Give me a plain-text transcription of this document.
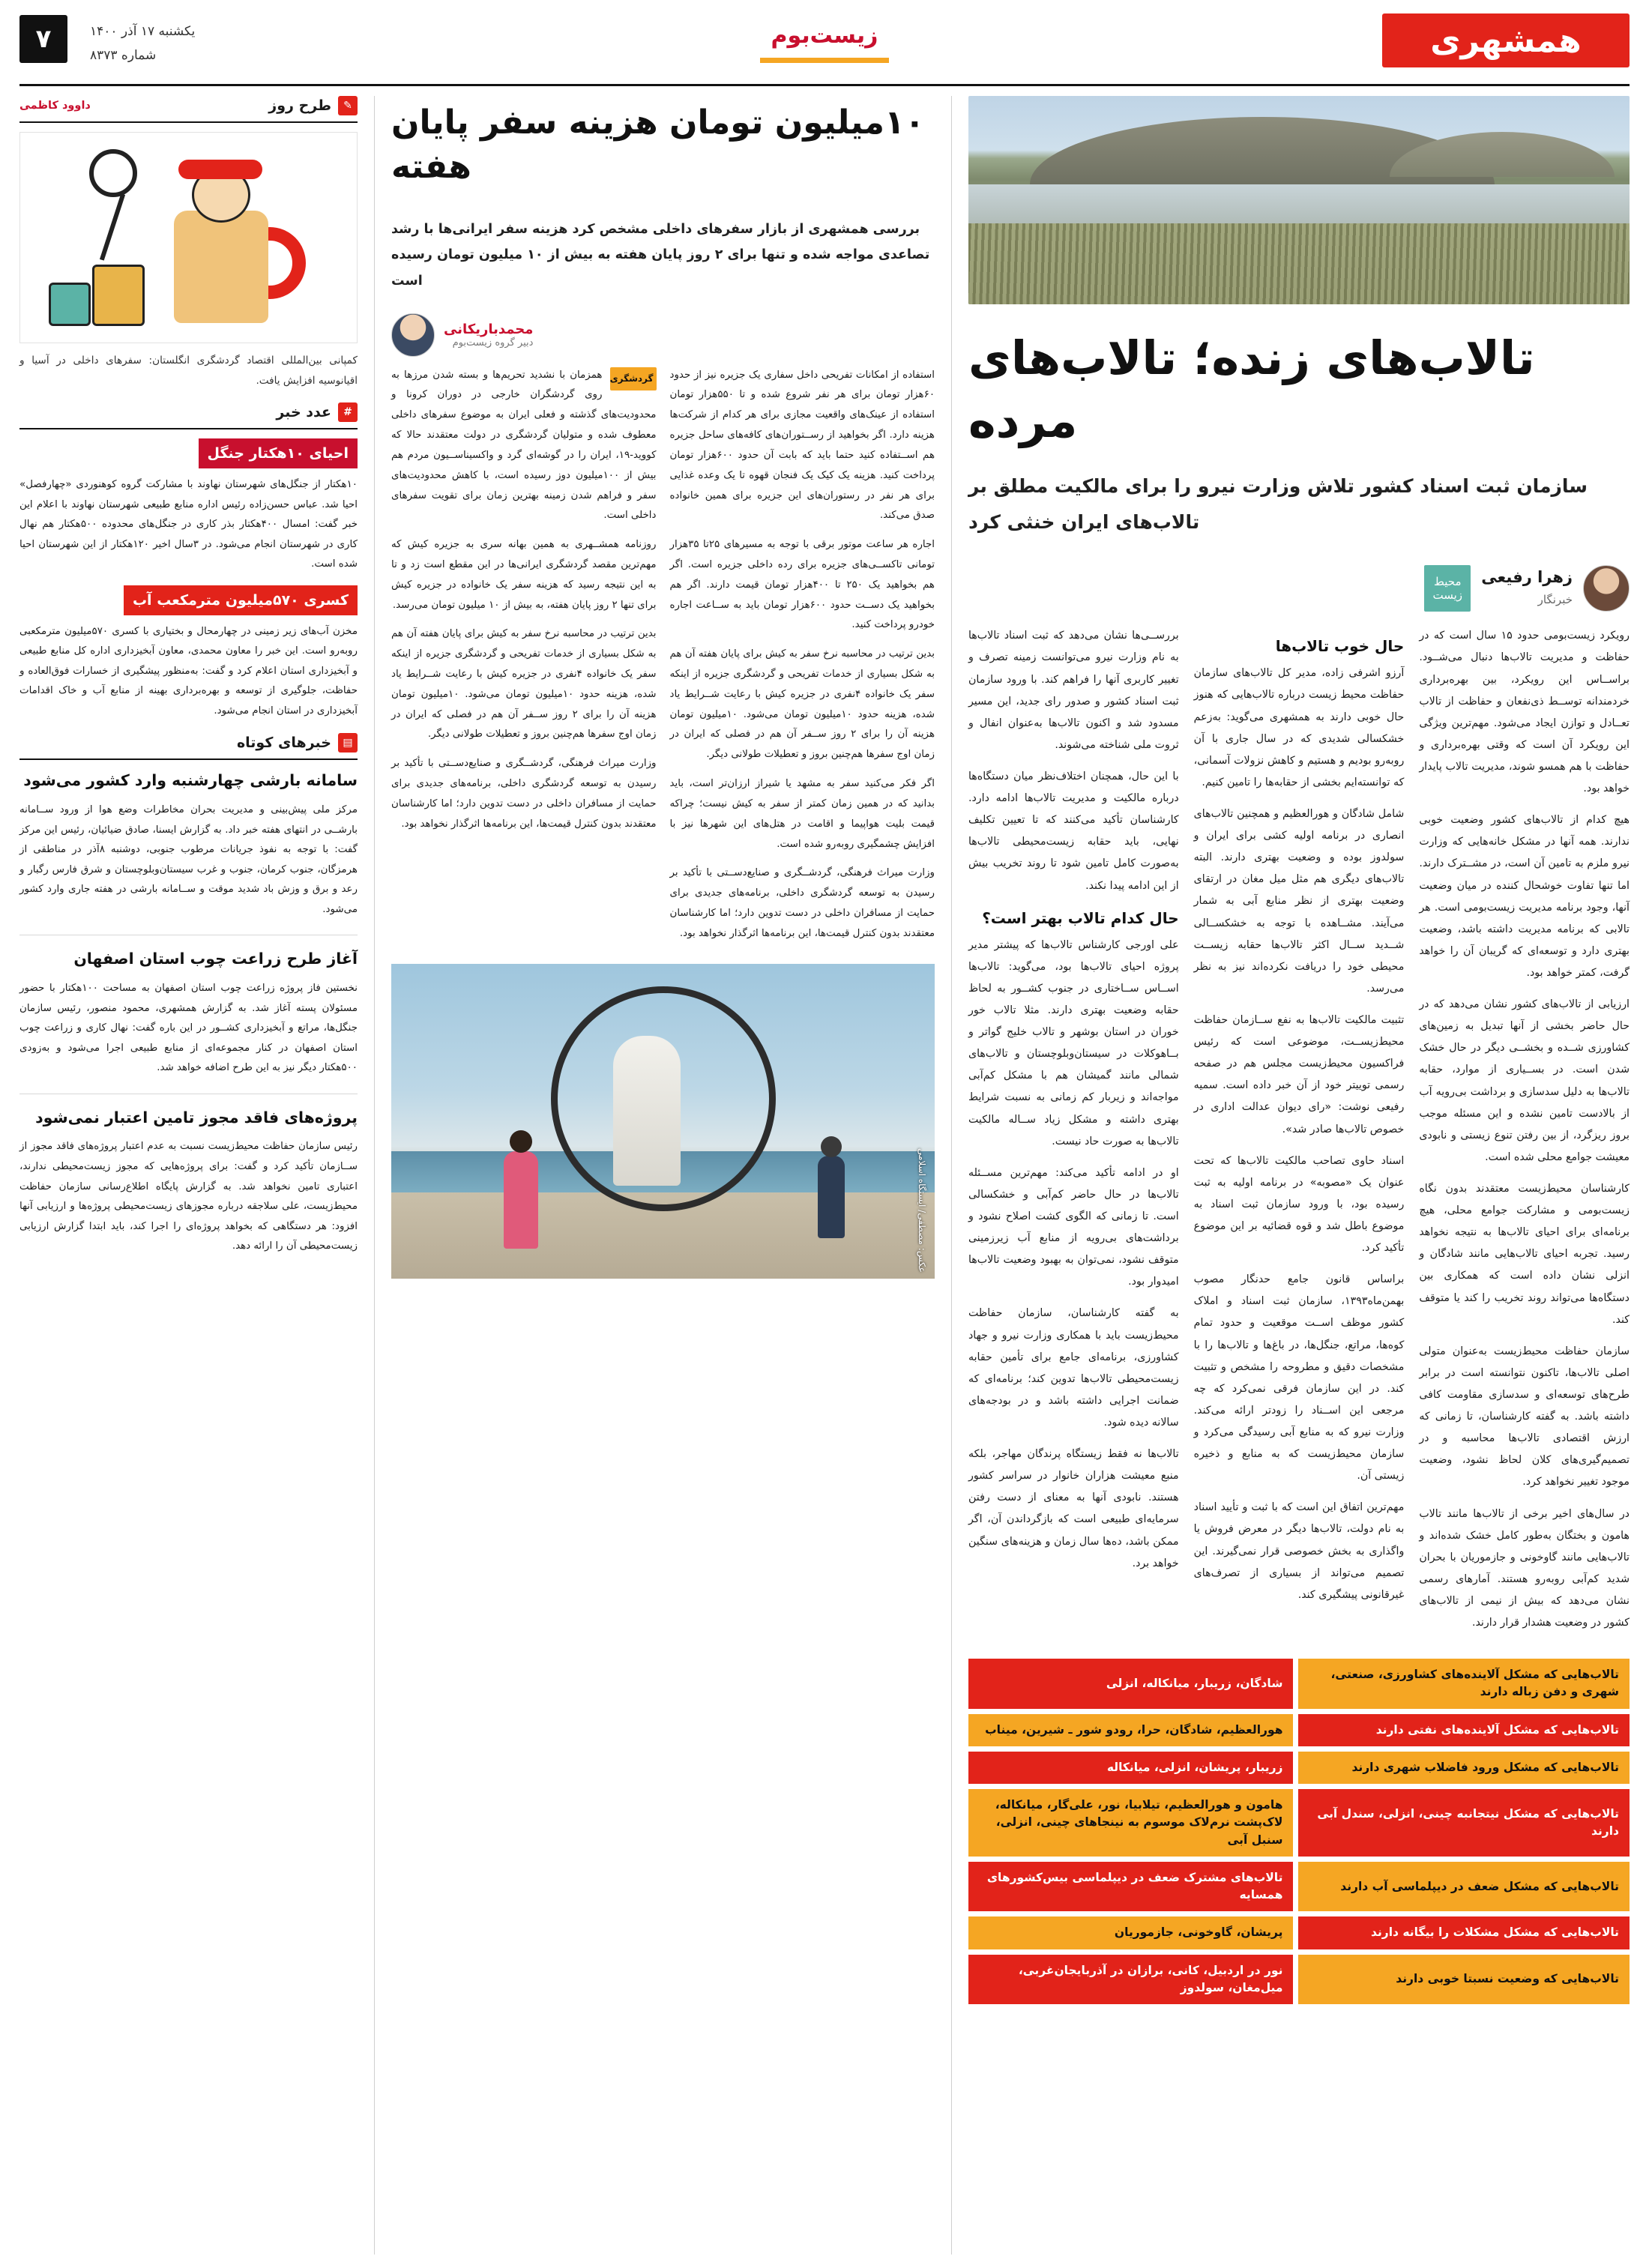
همشهری
زیست‌بوم
یکشنبه ۱۷ آذر ۱۴۰۰
شماره ۸۳۷۳
۷
تالاب‌های زنده؛ تالاب‌های مرده
سازمان ثبت اسناد کشور تلاش وزارت نیرو را برای مالکیت مطلق بر تالاب‌های ایران خنثی کرد
زهرا رفیعی
خبرنگار
محیط
زیست

رویکرد زیست‌بومی حدود ۱۵ سال است که در حفاظت و مدیریت تالاب‌ها دنبال می‌شــود. براســاس این رویکرد، بین بهره‌برداری خردمندانه توســط ذی‌نفعان و حفاظت از تالاب تعــادل و توازن ایجاد می‌شود. مهم‌ترین ویژگی این رویکرد آن است که وقتی بهره‌برداری و حفاظت با هم همسو شوند، مدیریت تالاب پایدار خواهد بود.

هیچ کدام از تالاب‌های کشور وضعیت خوبی ندارند. همه آنها در مشکل خانه‌هایی که وزارت نیرو ملزم به تامین آن است، در مشــترک دارند. اما تنها تفاوت خوشحال کننده در میان وضعیت آنها، وجود برنامه مدیریت زیست‌بومی است. هر تالابی که برنامه مدیریت داشته باشد، وضعیت بهتری دارد و توسعه‌ای که گریبان آن را خواهد گرفت، کمتر خواهد بود.

ارزیابی از تالاب‌های کشور نشان می‌دهد که در حال حاضر بخشی از آنها تبدیل به زمین‌های کشاورزی شــده و بخشــی دیگر در حال خشک شدن است. در بســیاری از موارد، حقابه تالاب‌ها به دلیل سدسازی و برداشت بی‌رویه آب از بالادست تامین نشده و این مسئله موجب بروز ریزگرد، از بین رفتن تنوع زیستی و نابودی معیشت جوامع محلی شده است.

کارشناسان محیط‌زیست معتقدند بدون نگاه زیست‌بومی و مشارکت جوامع محلی، هیچ برنامه‌ای برای احیای تالاب‌ها به نتیجه نخواهد رسید. تجربه احیای تالاب‌هایی مانند شادگان و انزلی نشان داده است که همکاری بین دستگاه‌ها می‌تواند روند تخریب را کند یا متوقف کند.

سازمان حفاظت محیط‌زیست به‌عنوان متولی اصلی تالاب‌ها، تاکنون نتوانسته است در برابر طرح‌های توسعه‌ای و سدسازی مقاومت کافی داشته باشد. به گفته کارشناسان، تا زمانی که ارزش اقتصادی تالاب‌ها محاسبه و در تصمیم‌گیری‌های کلان لحاظ نشود، وضعیت موجود تغییر نخواهد کرد.

در سال‌های اخیر برخی از تالاب‌ها مانند تالاب هامون و بختگان به‌طور کامل خشک شده‌اند و تالاب‌هایی مانند گاوخونی و جازموریان با بحران شدید کم‌آبی روبه‌رو هستند. آمارهای رسمی نشان می‌دهد که بیش از نیمی از تالاب‌های کشور در وضعیت هشدار قرار دارند.

حال خوب تالاب‌ها

آرزو اشرفی زاده، مدیر کل تالاب‌های سازمان حفاظت محیط زیست درباره تالاب‌هایی که هنوز حال خوبی دارند به همشهری می‌گوید: به‌زعم خشکسالی شدیدی که در سال جاری با آن روبه‌رو بودیم و هستیم و کاهش نزولات آسمانی، که توانسته‌ایم بخشی از حقابه‌ها را تامین کنیم.

شامل شادگان و هورالعظیم و همچنین تالاب‌های انصاری در برنامه اولیه کشی برای ایران و سولدوز بوده و وضعیت بهتری دارند. البته تالاب‌های دیگری هم مثل میل مغان در ارتقای وضعیت بهتری از نظر منابع آبی به شمار می‌آیند. مشــاهده با توجه به خشکســالی شــدید ســال اکثر تالاب‌ها حقابه زیســت محیطی خود را دریافت نکرده‌اند نیز به نظر می‌رسد.

تثبیت مالکیت تالاب‌ها به نفع ســازمان حفاظت محیط‌زیســت، موضوعی است که رئیس فراکسیون محیط‌زیست مجلس هم در صفحه رسمی توییتر خود از آن خبر داده است. سمیه رفیعی نوشت: «رای دیوان عدالت اداری در خصوص تالاب‌ها صادر شد».

اسناد حاوی تصاحب مالکیت تالاب‌ها که تحت عنوان یک «مصوبه» در برنامه اولیه به ثبت رسیده بود، با ورود سازمان ثبت اسناد به موضوع باطل شد و قوه قضائیه بر این موضوع تأکید کرد.

براساس قانون جامع حدنگار مصوب بهمن‌ماه۱۳۹۳، سازمان ثبت اسناد و املاک کشور موظف اســت موقعیت و حدود تمام کوه‌ها، مراتع، جنگل‌ها، در باغ‌ها و تالاب‌ها را با مشخصات دقیق و مطروحه را مشخص و تثبیت کند. در این سازمان فرقی نمی‌کرد که چه مرجعی این اســناد را زودتر ارائه می‌کند. وزارت نیرو که به منابع آبی رسیدگی می‌کرد و سازمان محیط‌زیست که به منابع و ذخیره زیستی آن.

مهم‌ترین اتفاق این است که با ثبت و تأیید اسناد به نام دولت، تالاب‌ها دیگر در معرض فروش یا واگذاری به بخش خصوصی قرار نمی‌گیرند. این تصمیم می‌تواند از بسیاری از تصرف‌های غیرقانونی پیشگیری کند.

بررســی‌ها نشان می‌دهد که ثبت اسناد تالاب‌ها به نام وزارت نیرو می‌توانست زمینه تصرف و تغییر کاربری آنها را فراهم کند. با ورود سازمان ثبت اسناد کشور و صدور رای جدید، این مسیر مسدود شد و اکنون تالاب‌ها به‌عنوان انفال و ثروت ملی شناخته می‌شوند.

با این حال، همچنان اختلاف‌نظر میان دستگاه‌ها درباره مالکیت و مدیریت تالاب‌ها ادامه دارد. کارشناسان تأکید می‌کنند که تا تعیین تکلیف نهایی، باید حقابه زیست‌محیطی تالاب‌ها به‌صورت کامل تامین شود تا روند تخریب بیش از این ادامه پیدا نکند.

حال کدام تالاب بهتر است؟

علی اورجی کارشناس تالاب‌ها که پیشتر مدیر پروژه احیای تالاب‌ها بود، می‌گوید: تالاب‌ها اســاس ســاختاری در جنوب کشــور به لحاظ حقابه وضعیت بهتری دارند. مثلا تالاب خور خوران در استان بوشهر و تالاب خلیج گواتر و بــاهوکلات در سیستان‌وبلوچستان و تالاب‌های شمالی مانند گمیشان هم با مشکل کم‌آبی مواجه‌اند و زیربار کم زمانی به نسبت شرایط بهتری داشته و مشکل زیاد ســاله مالکیت تالاب‌ها به صورت حاد نیست.

او در ادامه تأکید می‌کند: مهم‌ترین مســئله تالاب‌ها در حال حاضر کم‌آبی و خشکسالی است. تا زمانی که الگوی کشت اصلاح نشود و برداشت‌های بی‌رویه از منابع آب زیرزمینی متوقف نشود، نمی‌توان به بهبود وضعیت تالاب‌ها امیدوار بود.

به گفته کارشناسان، سازمان حفاظت محیط‌زیست باید با همکاری وزارت نیرو و جهاد کشاورزی، برنامه‌ای جامع برای تأمین حقابه زیست‌محیطی تالاب‌ها تدوین کند؛ برنامه‌ای که ضمانت اجرایی داشته باشد و در بودجه‌های سالانه دیده شود.

تالاب‌ها نه فقط زیستگاه پرندگان مهاجر، بلکه منبع معیشت هزاران خانوار در سراسر کشور هستند. نابودی آنها به معنای از دست رفتن سرمایه‌ای طبیعی است که بازگرداندن آن، اگر ممکن باشد، ده‌ها سال زمان و هزینه‌های سنگین خواهد برد.

تالاب‌هایی که مشکل آلاینده‌های کشاورزی، صنعتی، شهری و دفن زباله دارند
شادگان، زریبار، میانکاله، انزلی
تالاب‌هایی که مشکل آلاینده‌های نفتی دارند
هورالعظیم، شادگان، حرا، رودو شور ـ شیرین، میناب
تالاب‌هایی که مشکل ورود فاضلاب شهری دارند
زریبار، پریشان، انزلی، میانکاله
تالاب‌هایی که مشکل نیتجانبه چینی، انزلی، سندل آبی دارند
هامون و هورالعظیم، تیلابیا، نور، علی‌گار، میانکاله، لاک‌پشت نرم‌لاک موسوم به نینجاهای چینی، انزلی، سنبل آبی
تالاب‌هایی که مشکل ضعف در دیپلماسی آب دارند
تالاب‌های مشترک ضعف در دیپلماسی بیس‌کشورهای همسایه
تالاب‌هایی که مشکل مشکلات را بیگانه دارند
پریشان، گاوخونی، جازموریان
تالاب‌هایی که وضعیت نسبتا خوبی دارند
نور در اردبیل، کانی، برازان در آذربایجان‌غربی، میل‌مغان، سولدوز
۱۰میلیون تومان هزینه سفر پایان هفته
بررسی همشهری از بازار سفرهای داخلی مشخص کرد هزینه سفر ایرانی‌ها با رشد تصاعدی مواجه شده و تنها برای ۲ روز پایان هفته به بیش از ۱۰ میلیون تومان رسیده است
محمدباریکانی
دبیر گروه زیست‌بوم

استفاده از امکانات تفریحی داخل سفاری یک جزیره نیز از حدود ۶۰هزار تومان برای هر نفر شروع شده و تا ۵۵۰هزار تومان استفاده از عینک‌های واقعیت مجازی برای هر کدام از شرکت‌ها هزینه دارد. اگر بخواهید از رســتوران‌های کافه‌های ساحل جزیره هم اســتفاده کنید حتما باید که بابت آن حدود ۶۰۰هزار تومان پرداخت کنید. هزینه یک کیک یک فنجان قهوه تا یک وعده غذایی برای هر نفر در رستوران‌های این جزیره برای همین خانواده صدق می‌کند.

اجاره هر ساعت موتور برقی با توجه به مسیرهای ۲۵تا ۳۵هزار تومانی تاکســی‌های جزیره برای رده داخلی جزیره است. اگر هم بخواهید یک ۲۵۰ تا ۴۰۰هزار تومان قیمت دارند. اگر هم بخواهید یک دســت حدود ۶۰۰هزار تومان باید به ســاعت اجاره خودرو پرداخت کنید.

بدین ترتیب در محاسبه نرخ سفر به کیش برای پایان هفته آن هم به شکل بسیاری از خدمات تفریحی و گردشگری جزیره از اینکه سفر یک خانواده ۴نفری در جزیره کیش با رعایت شــرایط یاد شده، هزینه حدود ۱۰میلیون تومان می‌شود. ۱۰میلیون تومان هزینه آن را برای ۲ روز ســفر آن هم در فصلی که ایران در زمان اوج سفرها هم‌چنین بروز و تعطیلات طولانی دیگر.

اگر فکر می‌کنید سفر به مشهد یا شیراز ارزان‌تر است، باید بدانید که در همین زمان کمتر از سفر به کیش نیست؛ چراکه قیمت بلیت هواپیما و اقامت در هتل‌های این شهرها نیز با افزایش چشمگیری روبه‌رو شده است.

وزارت میراث فرهنگی، گردشــگری و صنایع‌دســتی با تأکید بر رسیدن به توسعه گردشگری داخلی، برنامه‌های جدیدی برای حمایت از مسافران داخلی در دست تدوین دارد؛ اما کارشناسان معتقدند بدون کنترل قیمت‌ها، این برنامه‌ها اثرگذار نخواهد بود.

گردشگری

همزمان با نشدید تحریم‌ها و بسته شدن مرزها به روی گردشگران خارجی در دوران کرونا و محدودیت‌های گذشته و فعلی ایران به موضوع سفرهای داخلی معطوف شده و متولیان گردشگری در دولت معتقدند حالا که کووید-۱۹، ایران را در گوشه‌ای گرد و واکسیناســیون مردم هم بیش از ۱۰۰میلیون دوز رسیده است، با کاهش محدودیت‌های سفر و فراهم شدن زمینه بهترین زمان برای تقویت سفرهای داخلی است.

روزنامه همشــهری به همین بهانه سری به جزیره کیش که مهم‌ترین مقصد گردشگری ایرانی‌ها در این مقطع است زد و تا به این نتیجه رسید که هزینه سفر یک خانواده در جزیره کیش برای تنها ۲ روز پایان هفته، به بیش از ۱۰ میلیون تومان می‌رسد.

بدین ترتیب در محاسبه نرخ سفر به کیش برای پایان هفته آن هم به شکل بسیاری از خدمات تفریحی و گردشگری جزیره از اینکه سفر یک خانواده ۴نفری در جزیره کیش با رعایت شــرایط یاد شده، هزینه حدود ۱۰میلیون تومان می‌شود. ۱۰میلیون تومان هزینه آن را برای ۲ روز ســفر آن هم در فصلی که ایران در زمان اوج سفرها هم‌چنین بروز و تعطیلات طولانی دیگر.

وزارت میراث فرهنگی، گردشــگری و صنایع‌دســتی با تأکید بر رسیدن به توسعه گردشگری داخلی، برنامه‌های جدیدی برای حمایت از مسافران داخلی در دست تدوین دارد؛ اما کارشناسان معتقدند بدون کنترل قیمت‌ها، این برنامه‌ها اثرگذار نخواهد بود.

عکس: مصطفی/ ایستگاه اسلامی
✎
طرح روز
داوود کاظمی
کمپانی بین‌المللی اقتصاد گردشگری انگلستان: سفرهای داخلی در آسیا و اقیانوسیه افزایش یافت.
#
عدد خبر
احیای ۱۰هکتار جنگل

۱۰هکتار از جنگل‌های شهرستان نهاوند با مشارکت گروه کوهنوردی «چهارفصل» احیا شد. عباس حسن‌زاده رئیس اداره منابع طبیعی شهرستان نهاوند با اعلام این خبر گفت: امسال ۴۰۰هکتار بذر کاری در جنگل‌های محدوده ۵۰۰هکتار هم نهال کاری در شهرستان انجام می‌شود. در ۳سال اخیر ۱۲۰هکتار از این شهرستان احیا شده است.

کسری ۵۷۰میلیون مترمکعب آب

مخزن آب‌های زیر زمینی در چهارمحال و بختیاری با کسری ۵۷۰میلیون مترمکعبی روبه‌رو است. این خبر را معاون محمدی، معاون آبخیزداری اداره کل منابع طبیعی و آبخیزداری استان اعلام کرد و گفت: به‌منظور پیشگیری از خسارات فوق‌العاده و حفاظت، جلوگیری از توسعه و بهره‌برداری بهینه از منابع آب و خاک اقدامات آبخیزداری در استان انجام می‌شود.

▤
خبرهای کوتاه
سامانه بارشی چهارشنبه وارد کشور می‌شود

مرکز ملی پیش‌بینی و مدیریت بحران مخاطرات وضع هوا از ورود ســامانه بارشــی در انتهای هفته خبر داد. به گزارش ایسنا، صادق ضیائیان، رئیس این مرکز گفت: با توجه به نفوذ جریانات مرطوب جنوبی، دوشنبه ۸آذر در مناطقی از هرمزگان، جنوب کرمان، جنوب و غرب سیستان‌وبلوچستان و شرق فارس رگبار و رعد و برق و وزش باد شدید موقت و ســامانه بارشی در هفته جاری وارد کشور می‌شود.

آغاز طرح زراعت چوب استان اصفهان

نخستین فاز پروژه زراعت چوب استان اصفهان به مساحت ۱۰۰هکتار با حضور مسئولان پسته آغاز شد. به گزارش همشهری، محمود منصور، رئیس سازمان جنگل‌ها، مراتع و آبخیزداری کشــور در این باره گفت: نهال کاری و زراعت چوب استان اصفهان در کنار مجموعه‌ای از منابع طبیعی اجرا می‌شود و به‌زودی ۵۰۰هکتار دیگر نیز به این طرح اضافه خواهد شد.

پروژه‌های فاقد مجوز تامین اعتبار نمی‌شود

رئیس سازمان حفاظت محیط‌زیست نسبت به عدم اعتبار پروژه‌های فاقد مجوز از ســازمان تأکید کرد و گفت: برای پروژه‌هایی که مجوز زیست‌محیطی ندارند، اعتباری تامین نخواهد شد. به گزارش پایگاه اطلاع‌رسانی سازمان حفاظت محیط‌زیست، علی سلاجقه درباره مجوزهای زیست‌محیطی پروژه‌ها و ارزیابی آنها افزود: هر دستگاهی که بخواهد پروژه‌ای را اجرا کند، باید ابتدا گزارش ارزیابی زیست‌محیطی آن را ارائه دهد.
